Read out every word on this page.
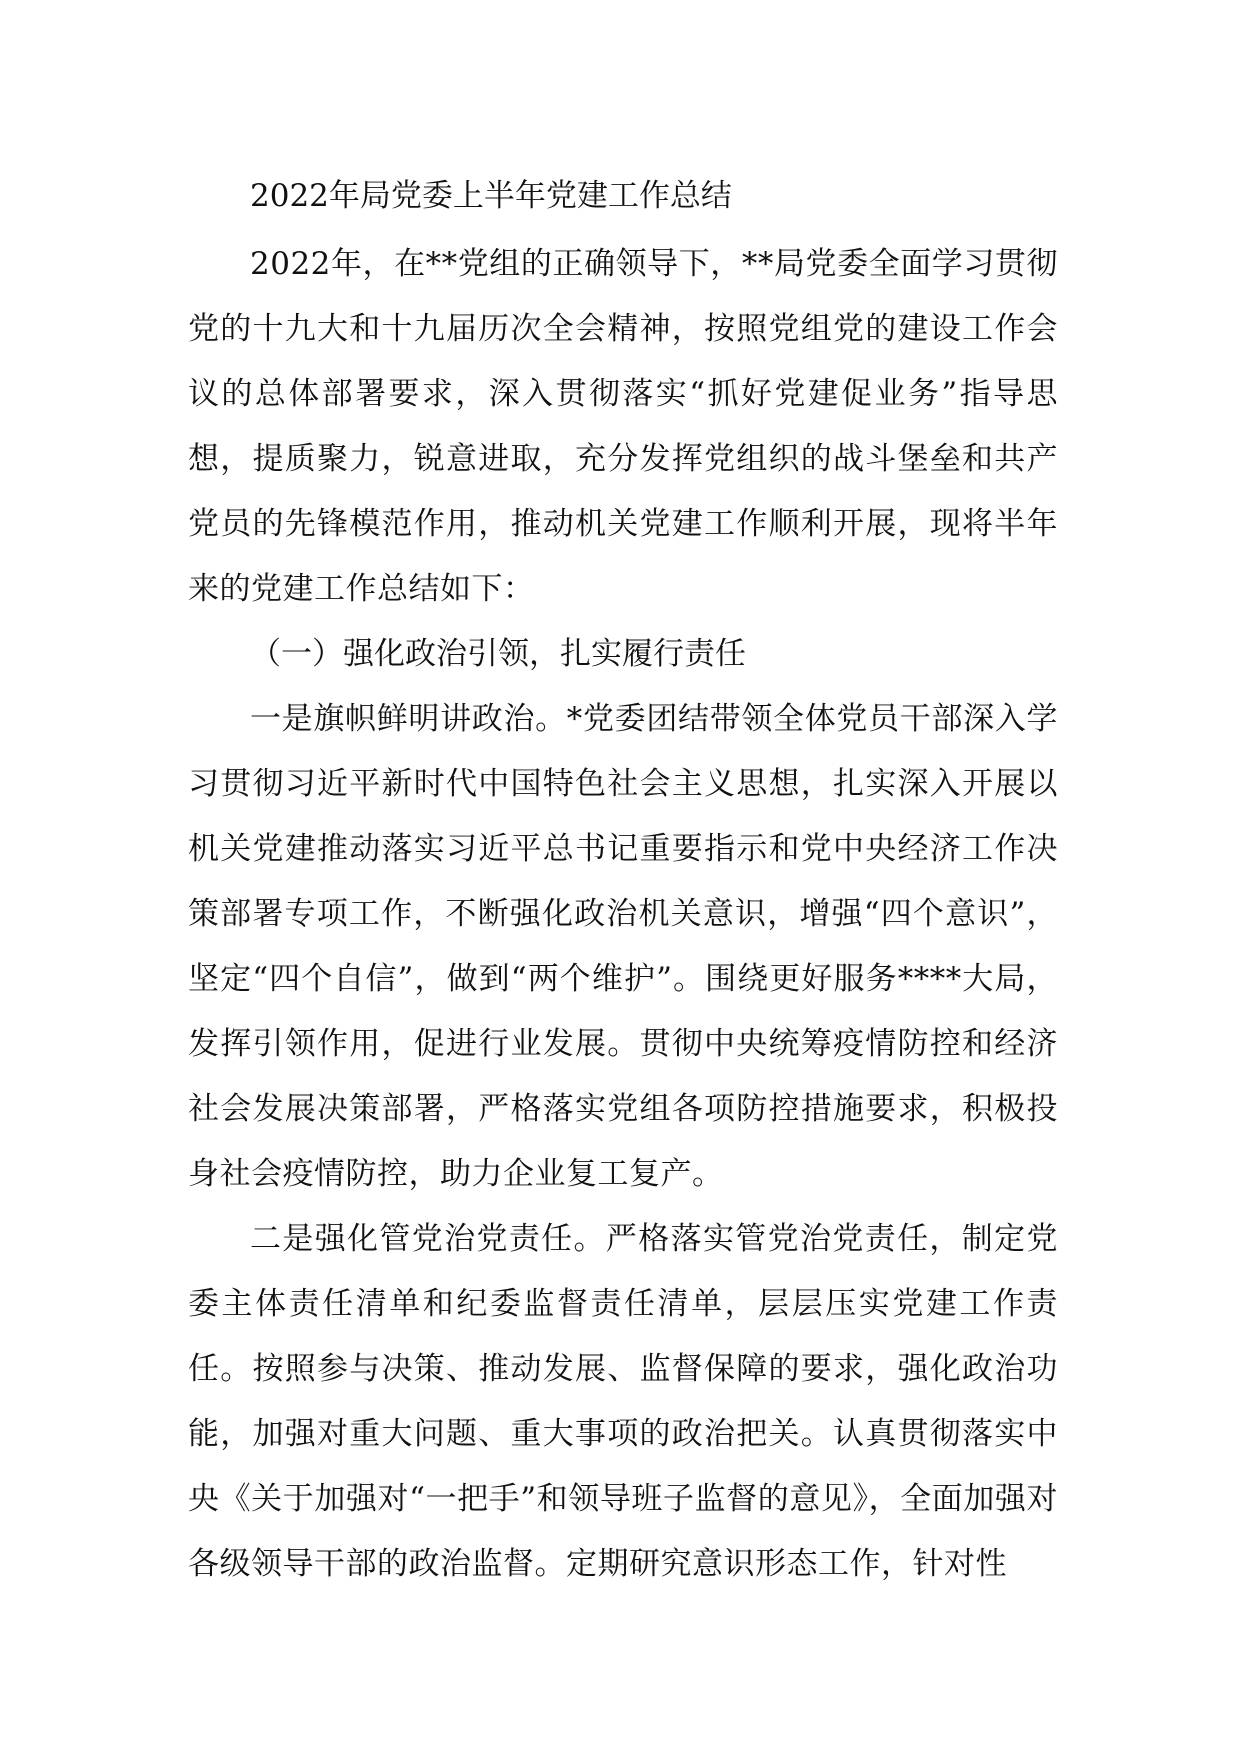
2022年局党委上半年党建工作总结

2022年，在**党组的正确领导下，**局党委全面学习贯彻党的十九大和十九届历次全会精神，按照党组党的建设工作会议的总体部署要求，深入贯彻落实“抓好党建促业务”指导思想，提质聚力，锐意进取，充分发挥党组织的战斗堡垒和共产党员的先锋模范作用，推动机关党建工作顺利开展，现将半年来的党建工作总结如下：

（一）强化政治引领，扎实履行责任

一是旗帜鲜明讲政治。*党委团结带领全体党员干部深入学习贯彻习近平新时代中国特色社会主义思想，扎实深入开展以机关党建推动落实习近平总书记重要指示和党中央经济工作决策部署专项工作，不断强化政治机关意识，增强“四个意识”，坚定“四个自信”，做到“两个维护”。围绕更好服务****大局，发挥引领作用，促进行业发展。贯彻中央统筹疫情防控和经济社会发展决策部署，严格落实党组各项防控措施要求，积极投身社会疫情防控，助力企业复工复产。

二是强化管党治党责任。严格落实管党治党责任，制定党委主体责任清单和纪委监督责任清单，层层压实党建工作责任。按照参与决策、推动发展、监督保障的要求，强化政治功能，加强对重大问题、重大事项的政治把关。认真贯彻落实中央《关于加强对“一把手”和领导班子监督的意见》，全面加强对各级领导干部的政治监督。定期研究意识形态工作，针对性
